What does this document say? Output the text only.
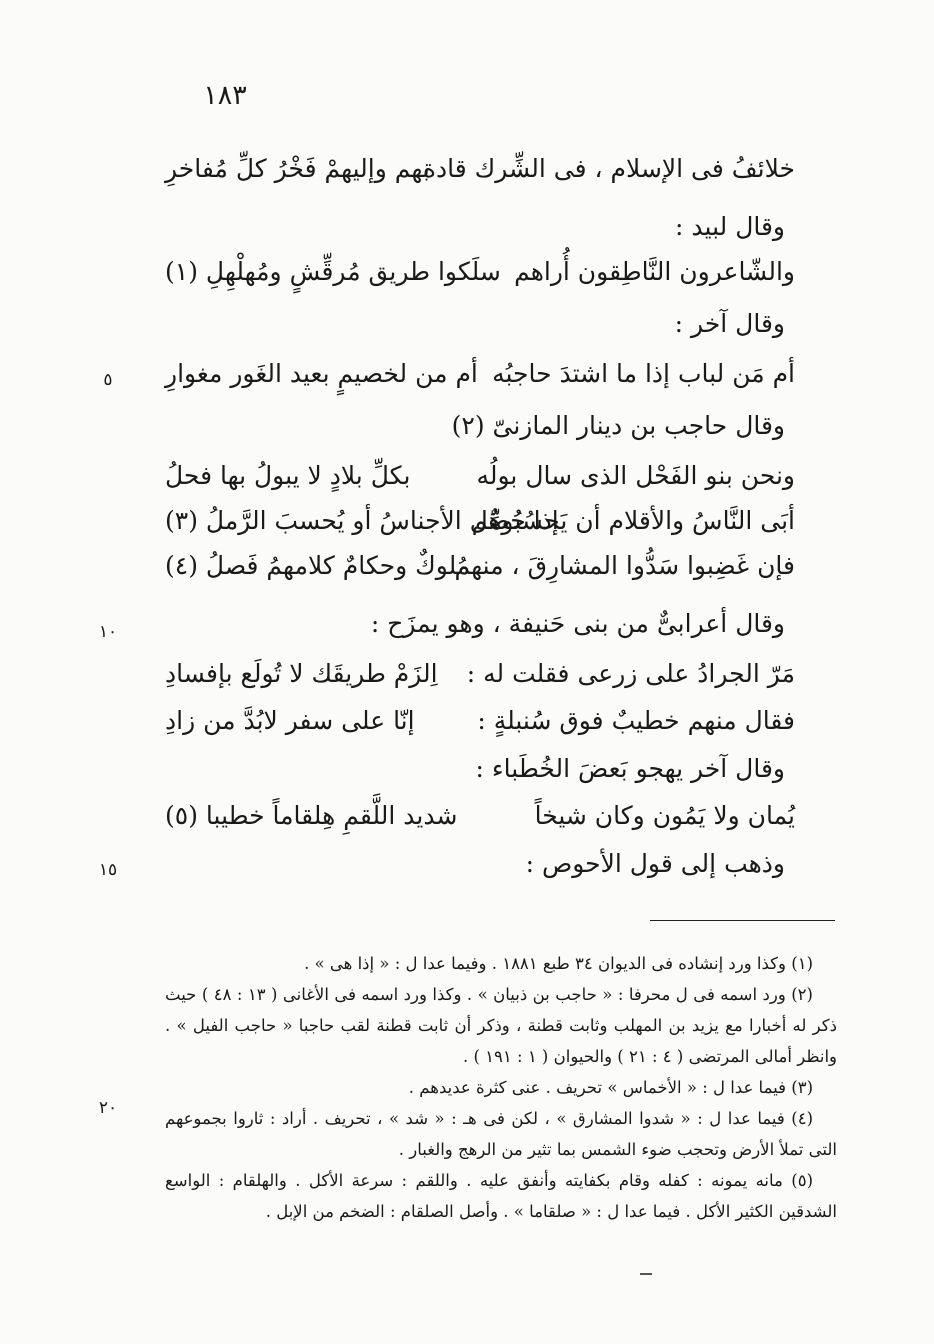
١٨٣
٥
١٠
١٥
٢٠
خلائفُ فى الإسلام ، فى الشِّرك قادة
بهم وإليهمْ فَخْرُ كلِّ مُفاخرِ
وقال لبيد :
والشّاعرون النَّاطِقون أُراهم
سلَكوا طريق مُرقِّشٍ ومُهلْهِلِ (١)
وقال آخر :
أم مَن لباب إذا ما اشتدَ حاجبُه
أم من لخصيمٍ بعيد الغَور مغوارِ
وقال حاجب بن دينار المازنىّ (٢)
ونحن بنو الفَحْل الذى سال بولُه
بكلِّ بلادٍ لا يبولُ بها فحلُ
أبَى النَّاسُ والأقلام أن يَحسُبُوهُم
إذا حُصِّل الأجناسُ أو يُحسبَ الرَّملُ (٣)
فإن غَضِبوا سَدُّوا المشارِقَ ، منهمُ
ملوكٌ وحكامٌ كلامهمُ فَصلُ (٤)
وقال أعرابىٌّ من بنى حَنيفة ، وهو يمزَح :
مَرّ الجرادُ على زرعى فقلت له :
اِلزَمْ طريقَك لا تُولَع بإفسادِ
فقال منهم خطيبٌ فوق سُنبلةٍ :
إنّا على سفر لابُدَّ من زادِ
وقال آخر يهجو بَعضَ الخُطَباء :
يُمان ولا يَمُون وكان شيخاً
شديد اللَّقمِ هِلقاماً خطيبا (٥)
وذهب إلى قول الأحوص :

(١) وكذا ورد إنشاده فى الديوان ٣٤ طبع ١٨٨١ . وفيما عدا ل : « إذا هى » .

(٢) ورد اسمه فى ل محرفا : « حاجب بن ذبيان » . وكذا ورد اسمه فى الأغانى ( ١٣ : ٤٨ ) حيث ذكر له أخبارا مع يزيد بن المهلب وثابت قطنة ، وذكر أن ثابت قطنة لقب حاجبا « حاجب الفيل » . وانظر أمالى المرتضى ( ٤ : ٢١ ) والحيوان ( ١ : ١٩١ ) .

(٣) فيما عدا ل : « الأخماس » تحريف . عنى كثرة عديدهم .

(٤) فيما عدا ل : « شدوا المشارق » ، لكن فى هـ : « شد » ، تحريف . أراد : ثاروا بجموعهم التى تملأ الأرض وتحجب ضوء الشمس بما تثير من الرهج والغبار .

(٥) مانه يمونه : كفله وقام بكفايته وأنفق عليه . واللقم : سرعة الأكل . والهلقام : الواسع الشدقين الكثير الأكل . فيما عدا ل : « صلقاما » . وأصل الصلقام : الضخم من الإبل .
